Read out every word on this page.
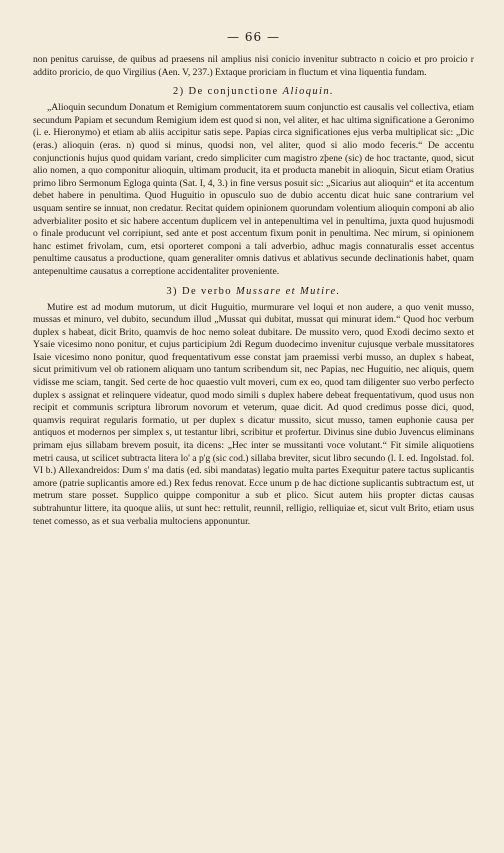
— 66 —

non penitus caruisse, de quibus ad praesens nil amplius nisi conicio invenitur subtracto n coicio et pro proicio r addito proricio, de quo Virgilius (Aen. V, 237.) Extaque proriciam in fluctum et vina liquentia fundam.

2) De conjunctione Alioquin.

„Alioquin secundum Donatum et Remigium commentatorem suum conjunctio est causalis vel collectiva, etiam secundum Papiam et secundum Remigium idem est quod si non, vel aliter, et hac ultima significatione a Geronimo (i. e. Hieronymo) et etiam ab aliis accipitur satis sepe. Papias circa significationes ejus verba multiplicat sic: „Dic (eras.) alioquin (eras. n) quod si minus, quodsi non, vel aliter, quod si alio modo feceris.“ De accentu conjunctionis hujus quod quidam variant, credo simpliciter cum magistro zþene (sic) de hoc tractante, quod, sicut alio nomen, a quo componitur alioquin, ultimam producit, ita et producta manebit in alioquin, Sicut etiam Oratius primo libro Sermonum Egloga quinta (Sat. I, 4, 3.) in fine versus posuit sic: „Sicarius aut alioquin“ et ita accentum debet habere in penultima. Quod Huguitio in opusculo suo de dubio accentu dicat huic sane contrarium vel usquam sentire se innuat, non credatur. Recitat quidem opinionem quorundam volentium alioquin componi ab alio adverbialiter posito et sic habere accentum duplicem vel in antepenultima vel in penultima, juxta quod hujusmodi o finale producunt vel corripiunt, sed ante et post accentum fixum ponit in penultima. Nec mirum, si opinionem hanc estimet frivolam, cum, etsi oporteret componi a tali adverbio, adhuc magis connaturalis esset accentus penultime causatus a productione, quam generaliter omnis dativus et ablativus secunde declinationis habet, quam antepenultime causatus a correptione accidentaliter proveniente.

3) De verbo Mussare et Mutire.

Mutire est ad modum mutorum, ut dicit Huguitio, murmurare vel loqui et non audere, a quo venit musso, mussas et minuro, vel dubito, secundum illud „Mussat qui dubitat, mussat qui minurat idem.“ Quod hoc verbum duplex s habeat, dicit Brito, quamvis de hoc nemo soleat dubitare. De mussito vero, quod Exodi decimo sexto et Ysaie vicesimo nono ponitur, et cujus participium 2di Regum duodecimo invenitur cujusque verbale mussitatores Isaie vicesimo nono ponitur, quod frequentativum esse constat jam praemissi verbi musso, an duplex s habeat, sicut primitivum vel ob rationem aliquam uno tantum scribendum sit, nec Papias, nec Huguitio, nec aliquis, quem vidisse me sciam, tangit. Sed certe de hoc quaestio vult moveri, cum ex eo, quod tam diligenter suo verbo perfecto duplex s assignat et relinquere videatur, quod modo simili s duplex habere debeat frequentativum, quod usus non recipit et communis scriptura librorum novorum et veterum, quae dicit. Ad quod credimus posse dici, quod, quamvis requirat regularis formatio, ut per duplex s dicatur mussito, sicut musso, tamen euphonie causa per antiquos et modernos per simplex s, ut testantur libri, scribitur et profertur. Divinus sine dubio Juvencus eliminans primam ejus sillabam brevem posuit, ita dicens: „Hec inter se mussitanti voce volutant.“ Fit simile aliquotiens metri causa, ut scilicet subtracta litera lo' a p'g (sic cod.) sillaba breviter, sicut libro secundo (l. I. ed. Ingolstad. fol. VI b.) Allexandreidos: Dum s' ma datis (ed. sibi mandatas) legatio multa partes Exequitur patere tactus suplicantis amore (patrie suplicantis amore ed.) Rex fedus renovat. Ecce unum p de hac dictione suplicantis subtractum est, ut metrum stare posset. Supplico quippe componitur a sub et plico. Sicut autem hiis propter dictas causas subtrahuntur littere, ita quoque aliis, ut sunt hec: rettulit, reunnil, relligio, relliquiae et, sicut vult Brito, etiam usus tenet comesso, as et sua verbalia multociens apponuntur.
